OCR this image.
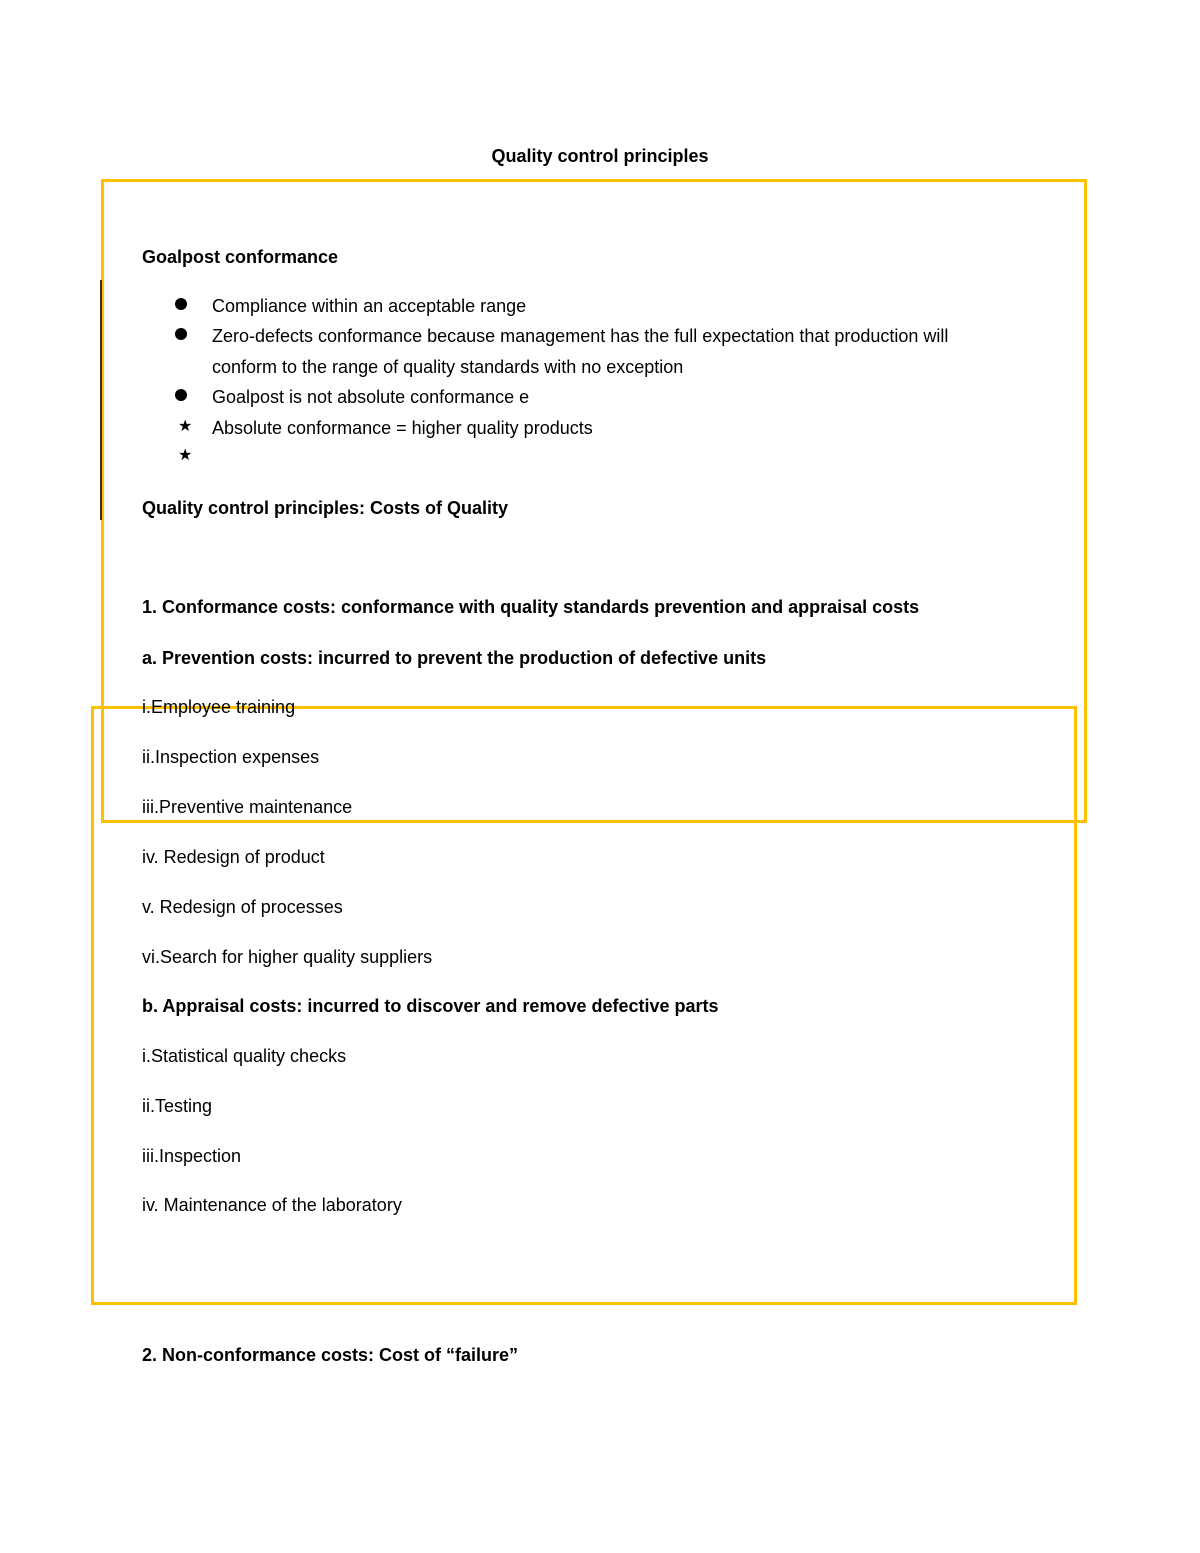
Quality control principles
Goalpost conformance
Compliance within an acceptable range
Zero-defects conformance because management has the full expectation that production will
conform to the range of quality standards with no exception
Goalpost is not absolute conformance e
★ Absolute conformance = higher quality products
★
Quality control principles: Costs of Quality
1. Conformance costs: conformance with quality standards prevention and appraisal costs
a. Prevention costs: incurred to prevent the production of defective units
i.Employee training
ii.Inspection expenses
iii.Preventive maintenance
iv. Redesign of product
v. Redesign of processes
vi.Search for higher quality suppliers
b. Appraisal costs: incurred to discover and remove defective parts
i.Statistical quality checks
ii.Testing
iii.Inspection
iv. Maintenance of the laboratory
2. Non-conformance costs: Cost of “failure”
